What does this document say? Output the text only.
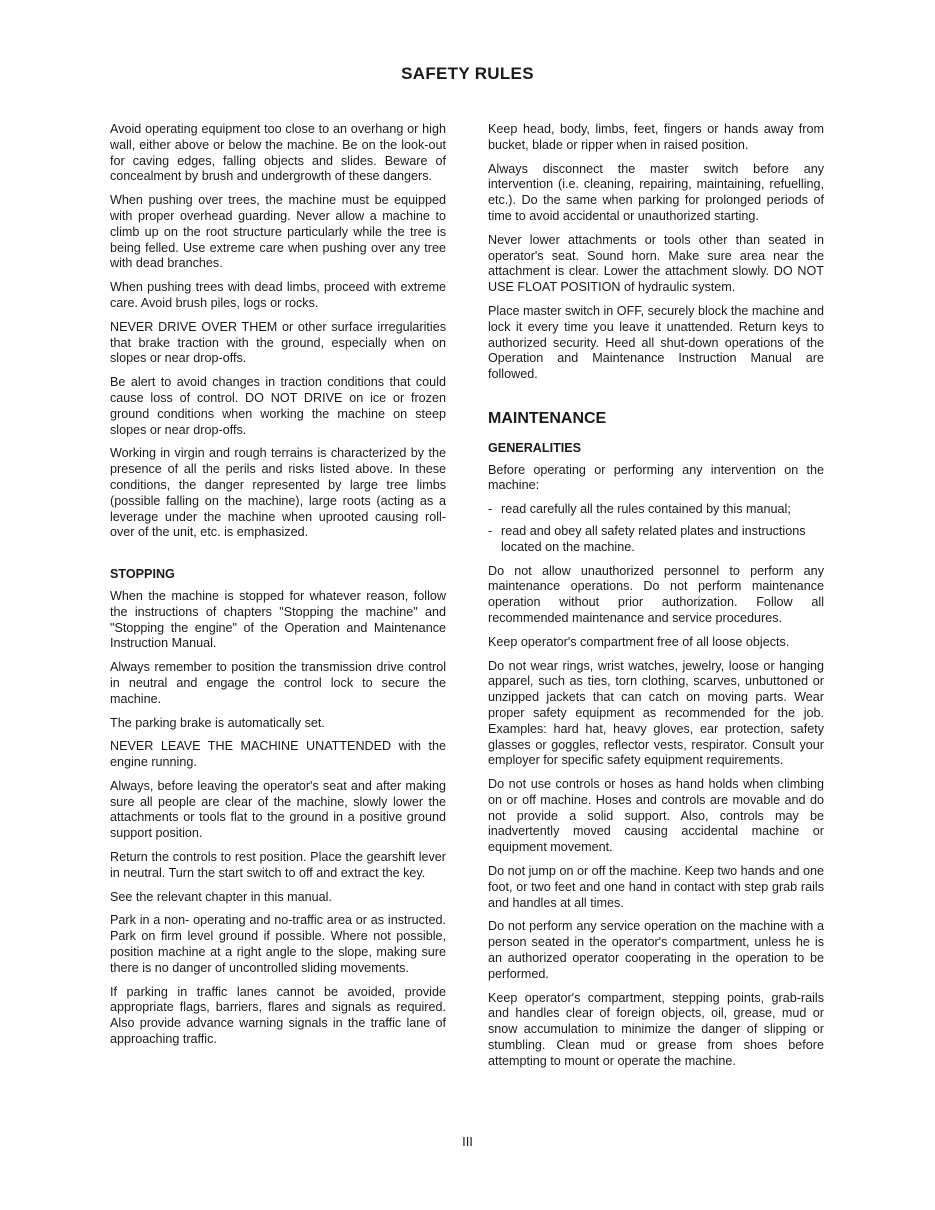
SAFETY RULES

Avoid operating equipment too close to an overhang or high wall, either above or below the machine. Be on the look-out for caving edges, falling objects and slides. Beware of concealment by brush and undergrowth of these dangers.

When pushing over trees, the machine must be equipped with proper overhead guarding. Never allow a machine to climb up on the root structure particularly while the tree is being felled. Use extreme care when pushing over any tree with dead branches.

When pushing trees with dead limbs, proceed with extreme care. Avoid brush piles, logs or rocks.

NEVER DRIVE OVER THEM or other surface irregularities that brake traction with the ground, especially when on slopes or near drop-offs.

Be alert to avoid changes in traction conditions that could cause loss of control. DO NOT DRIVE on ice or frozen ground conditions when working the machine on steep slopes or near drop-offs.

Working in virgin and rough terrains is characterized by the presence of all the perils and risks listed above. In these conditions, the danger represented by large tree limbs (possible falling on the machine), large roots (acting as a leverage under the machine when uprooted causing roll-over of the unit, etc. is emphasized.

STOPPING

When the machine is stopped for whatever reason, follow the instructions of chapters "Stopping the machine" and "Stopping the engine" of the Operation and Maintenance Instruction Manual.

Always remember to position the transmission drive control in neutral and engage the control lock to secure the machine.

The parking brake is automatically set.

NEVER LEAVE THE MACHINE UNATTENDED with the engine running.

Always, before leaving the operator's seat and after making sure all people are clear of the machine, slowly lower the attachments or tools flat to the ground in a positive ground support position.

Return the controls to rest position. Place the gearshift lever in neutral. Turn the start switch to off and extract the key.

See the relevant chapter in this manual.

Park in a non- operating and no-traffic area or as instructed. Park on firm level ground if possible. Where not possible, position machine at a right angle to the slope, making sure there is no danger of uncontrolled sliding movements.

If parking in traffic lanes cannot be avoided, provide appropriate flags, barriers, flares and signals as required. Also provide advance warning signals in the traffic lane of approaching traffic.

Keep head, body, limbs, feet, fingers or hands away from bucket, blade or ripper when in raised position.

Always disconnect the master switch before any intervention (i.e. cleaning, repairing, maintaining, refuelling, etc.). Do the same when parking for prolonged periods of time to avoid accidental or unauthorized starting.

Never lower attachments or tools other than seated in operator's seat. Sound horn. Make sure area near the attachment is clear. Lower the attachment slowly. DO NOT USE FLOAT POSITION of hydraulic system.

Place master switch in OFF, securely block the machine and lock it every time you leave it unattended. Return keys to authorized security. Heed all shut-down operations of the Operation and Maintenance Instruction Manual are followed.

MAINTENANCE
GENERALITIES

Before operating or performing any intervention on the machine:

- read carefully all the rules contained by this manual;
- read and obey all safety related plates and instructions located on the machine.

Do not allow unauthorized personnel to perform any maintenance operations. Do not perform maintenance operation without prior authorization. Follow all recommended maintenance and service procedures.

Keep operator's compartment free of all loose objects.

Do not wear rings, wrist watches, jewelry, loose or hanging apparel, such as ties, torn clothing, scarves, unbuttoned or unzipped jackets that can catch on moving parts. Wear proper safety equipment as recommended for the job. Examples: hard hat, heavy gloves, ear protection, safety glasses or goggles, reflector vests, respirator. Consult your employer for specific safety equipment requirements.

Do not use controls or hoses as hand holds when climbing on or off machine. Hoses and controls are movable and do not provide a solid support. Also, controls may be inadvertently moved causing accidental machine or equipment movement.

Do not jump on or off the machine. Keep two hands and one foot, or two feet and one hand in contact with step grab rails and handles at all times.

Do not perform any service operation on the machine with a person seated in the operator's compartment, unless he is an authorized operator cooperating in the operation to be performed.

Keep operator's compartment, stepping points, grab-rails and handles clear of foreign objects, oil, grease, mud or snow accumulation to minimize the danger of slipping or stumbling. Clean mud or grease from shoes before attempting to mount or operate the machine.

III
